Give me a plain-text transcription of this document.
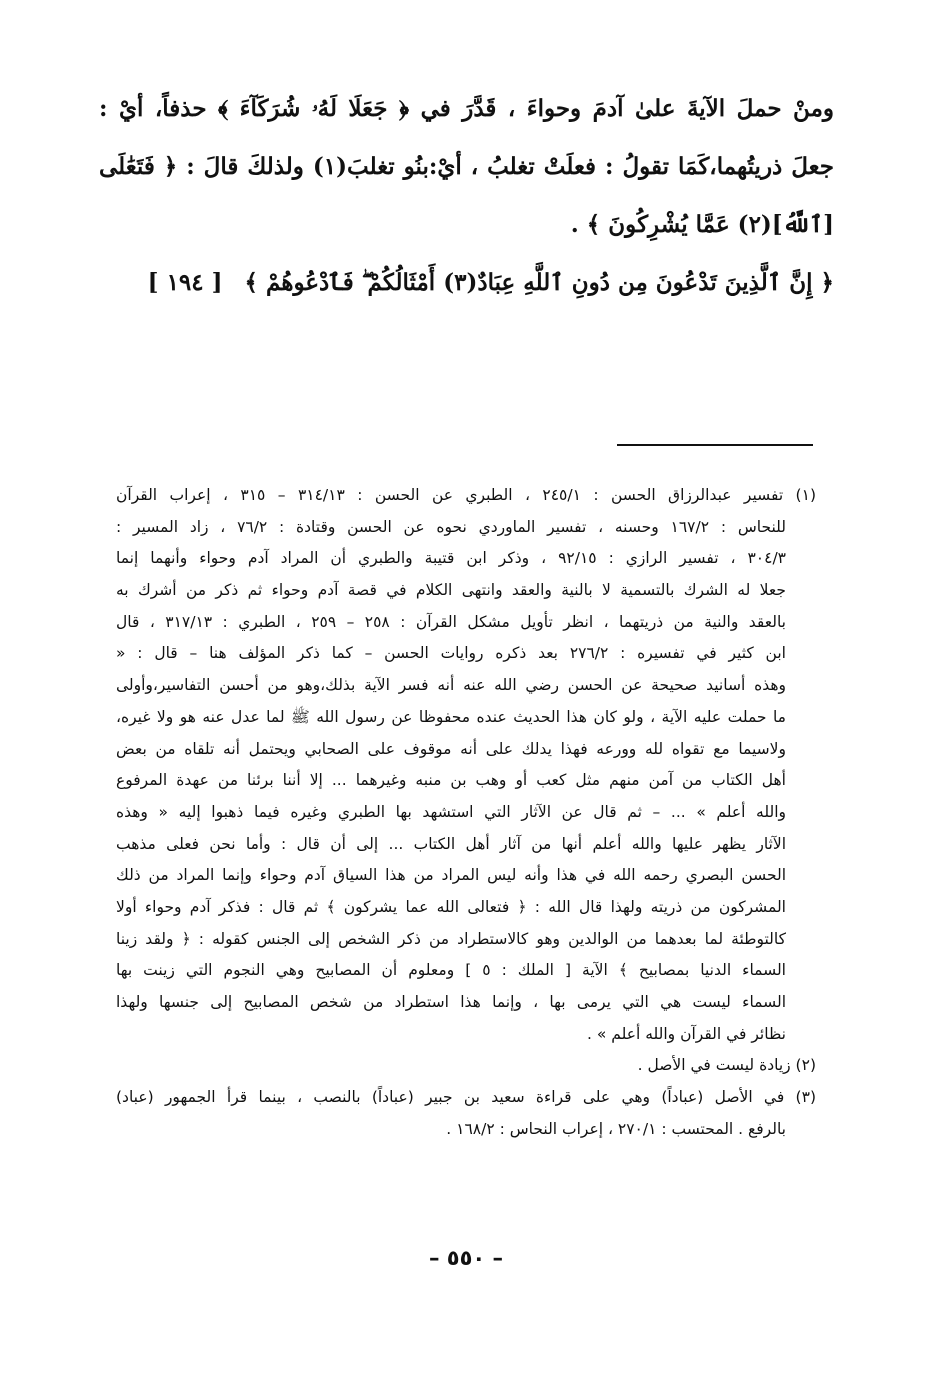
ومنْ حملَ الآيةَ علىٰ آدمَ وحواءَ ، قَدَّرَ في ﴿ جَعَلَا لَهُۥ شُرَكَآءَ ﴾ حذفاً، أيْ :
جعلَ ذريتُهما،كَمَا تقولُ : فعلَتْ تغلبُ ، أيْ:بنُو تغلبَ(١) ولذلكَ قالَ : ﴿ فَتَعَٰلَى
[ٱللَّهُ](٢) عَمَّا يُشْرِكُونَ ﴾ .
﴿ إِنَّ ٱلَّذِينَ تَدْعُونَ مِن دُونِ ٱللَّهِ عِبَادٌ(٣) أَمْثَالُكُمْ ۖ فَٱدْعُوهُمْ ﴾ [ ١٩٤ ]
(١) تفسير عبدالرزاق الحسن : ٢٤٥/١ ، الطبري عن الحسن : ٣١٤/١٣ – ٣١٥ ، إعراب القرآن
للنحاس : ١٦٧/٢ وحسنه ، تفسير الماوردي نحوه عن الحسن وقتادة : ٧٦/٢ ، زاد المسير :
٣٠٤/٣ ، تفسير الرازي : ٩٢/١٥ ، وذكر ابن قتيبة والطبري أن المراد آدم وحواء وأنهما إنما
جعلا له الشرك بالتسمية لا بالنية والعقد وانتهى الكلام في قصة آدم وحواء ثم ذكر من أشرك به
بالعقد والنية من ذريتهما ، انظر تأويل مشكل القرآن : ٢٥٨ – ٢٥٩ ، الطبري : ٣١٧/١٣ ، قال
ابن كثير في تفسيره : ٢٧٦/٢ بعد ذكره روايات الحسن – كما ذكر المؤلف هنا – قال : «
وهذه أسانيد صحيحة عن الحسن رضي الله عنه أنه فسر الآية بذلك،وهو من أحسن التفاسير،وأولى
ما حملت عليه الآية ، ولو كان هذا الحديث عنده محفوظا عن رسول الله ﷺ لما عدل عنه هو ولا غيره،
ولاسيما مع تقواه لله وورعه فهذا يدلك على أنه موقوف على الصحابي ويحتمل أنه تلقاه من بعض
أهل الكتاب من آمن منهم مثل كعب أو وهب بن منبه وغيرهما ... إلا أننا برئنا من عهدة المرفوع
والله أعلم » ... – ثم قال عن الآثار التي استشهد بها الطبري وغيره فيما ذهبوا إليه « وهذه
الآثار يظهر عليها والله أعلم أنها من آثار أهل الكتاب ... إلى أن قال : وأما نحن فعلى مذهب
الحسن البصري رحمه الله في هذا وأنه ليس المراد من هذا السياق آدم وحواء وإنما المراد من ذلك
المشركون من ذريته ولهذا قال الله : ﴿ فتعالى الله عما يشركون ﴾ ثم قال : فذكر آدم وحواء أولا
كالتوطئة لما بعدهما من الوالدين وهو كالاستطراد من ذكر الشخص إلى الجنس كقوله : ﴿ ولقد زينا
السماء الدنيا بمصابيح ﴾ الآية [ الملك : ٥ ] ومعلوم أن المصابيح وهي النجوم التي زينت بها
السماء ليست هي التي يرمى بها ، وإنما هذا استطراد من شخص المصابيح إلى جنسها ولهذا
نظائر في القرآن والله أعلم » .
(٢) زيادة ليست في الأصل .
(٣) في الأصل (عباداً) وهي على قراءة سعيد بن جبير (عباداً) بالنصب ، بينما قرأ الجمهور (عباد)
بالرفع . المحتسب : ٢٧٠/١ ، إعراب النحاس : ١٦٨/٢ .
– ٥٥٠ –
